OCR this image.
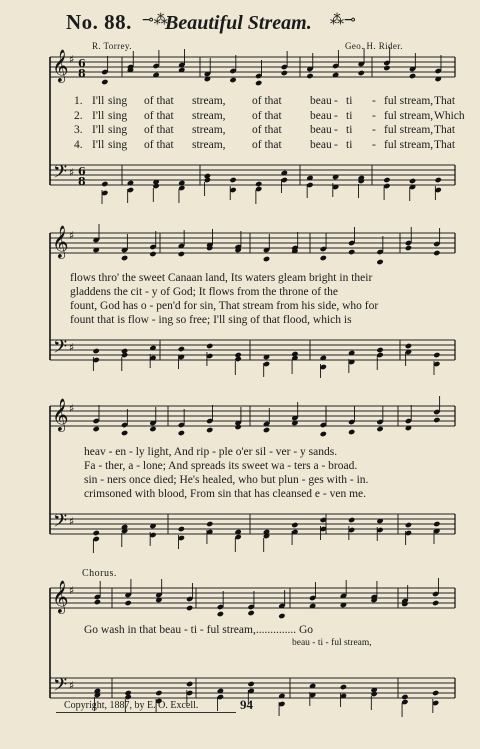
No. 88. ⊸⁂
Beautiful Stream. ⁂⊸
R. Torrey.	Geo. H. Rider.
𝄞
𝄢
♯
♯
6
8
6
8
𝄞
𝄢
♯
♯
𝄞
𝄢
♯
♯
𝄞
𝄢
♯
♯
1. I'll sing of that stream, of that beau - ti - ful stream, That
2. I'll sing of that stream, of that beau - ti - ful stream, Which
3. I'll sing of that stream, of that beau - ti - ful stream, That
4. I'll sing of that stream, of that beau - ti - ful stream, That
flows thro' the sweet Canaan land, Its waters gleam bright in their
gladdens the cit - y of God; It flows from the throne of the
fount, God has o - pen'd for sin, That stream from his side, who for
fount that is flow - ing so free; I'll sing of that flood, which is
heav - en - ly light, And rip - ple o'er sil - ver - y sands.
Fa - ther, a - lone; And spreads its sweet wa - ters a - broad.
sin - ners once died; He's healed, who but plun - ges with - in.
crimsoned with blood, From sin that has cleansed e - ven me.
Chorus.
Go wash in that beau - ti - ful stream,.............. Go
beau - ti - ful stream,
Copyright, 1887, by E. O. Excell.	94
